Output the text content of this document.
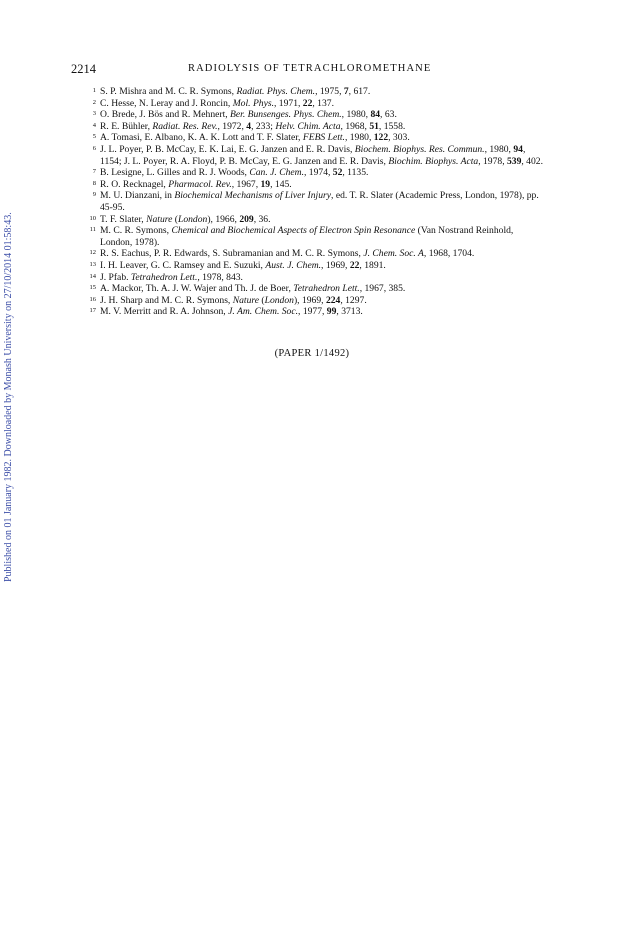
Published on 01 January 1982. Downloaded by Monash University on 27/10/2014 01:58:43.
2214	RADIOLYSIS OF TETRACHLOROMETHANE
1 S. P. Mishra and M. C. R. Symons, Radiat. Phys. Chem., 1975, 7, 617.
2 C. Hesse, N. Leray and J. Roncin, Mol. Phys., 1971, 22, 137.
3 O. Brede, J. Bös and R. Mehnert, Ber. Bunsenges. Phys. Chem., 1980, 84, 63.
4 R. E. Bühler, Radiat. Res. Rev., 1972, 4, 233; Helv. Chim. Acta, 1968, 51, 1558.
5 A. Tomasi, E. Albano, K. A. K. Lott and T. F. Slater, FEBS Lett., 1980, 122, 303.
6 J. L. Poyer, P. B. McCay, E. K. Lai, E. G. Janzen and E. R. Davis, Biochem. Biophys. Res. Commun., 1980, 94, 1154; J. L. Poyer, R. A. Floyd, P. B. McCay, E. G. Janzen and E. R. Davis, Biochim. Biophys. Acta, 1978, 539, 402.
7 B. Lesigne, L. Gilles and R. J. Woods, Can. J. Chem., 1974, 52, 1135.
8 R. O. Recknagel, Pharmacol. Rev., 1967, 19, 145.
9 M. U. Dianzani, in Biochemical Mechanisms of Liver Injury, ed. T. R. Slater (Academic Press, London, 1978), pp. 45-95.
10 T. F. Slater, Nature (London), 1966, 209, 36.
11 M. C. R. Symons, Chemical and Biochemical Aspects of Electron Spin Resonance (Van Nostrand Reinhold, London, 1978).
12 R. S. Eachus, P. R. Edwards, S. Subramanian and M. C. R. Symons, J. Chem. Soc. A, 1968, 1704.
13 I. H. Leaver, G. C. Ramsey and E. Suzuki, Aust. J. Chem., 1969, 22, 1891.
14 J. Pfab. Tetrahedron Lett., 1978, 843.
15 A. Mackor, Th. A. J. W. Wajer and Th. J. de Boer, Tetrahedron Lett., 1967, 385.
16 J. H. Sharp and M. C. R. Symons, Nature (London), 1969, 224, 1297.
17 M. V. Merritt and R. A. Johnson, J. Am. Chem. Soc., 1977, 99, 3713.
(PAPER 1/1492)
